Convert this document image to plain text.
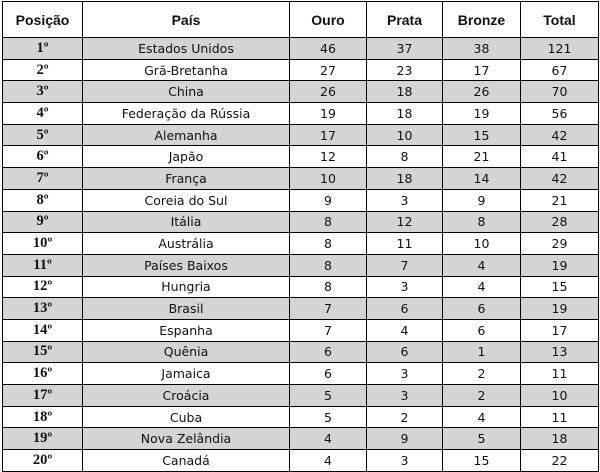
Posição	País	Ouro	Prata	Bronze	Total
1º	Estados Unidos	46	37	38	121
2º	Grã-Bretanha	27	23	17	67
3º	China	26	18	26	70
4º	Federação da Rússia	19	18	19	56
5º	Alemanha	17	10	15	42
6º	Japão	12	8	21	41
7º	França	10	18	14	42
8º	Coreia do Sul	9	3	9	21
9º	Itália	8	12	8	28
10º	Austrália	8	11	10	29
11º	Países Baixos	8	7	4	19
12º	Hungria	8	3	4	15
13º	Brasil	7	6	6	19
14º	Espanha	7	4	6	17
15º	Quênia	6	6	1	13
16º	Jamaica	6	3	2	11
17º	Croácia	5	3	2	10
18º	Cuba	5	2	4	11
19º	Nova Zelândia	4	9	5	18
20º	Canadá	4	3	15	22
